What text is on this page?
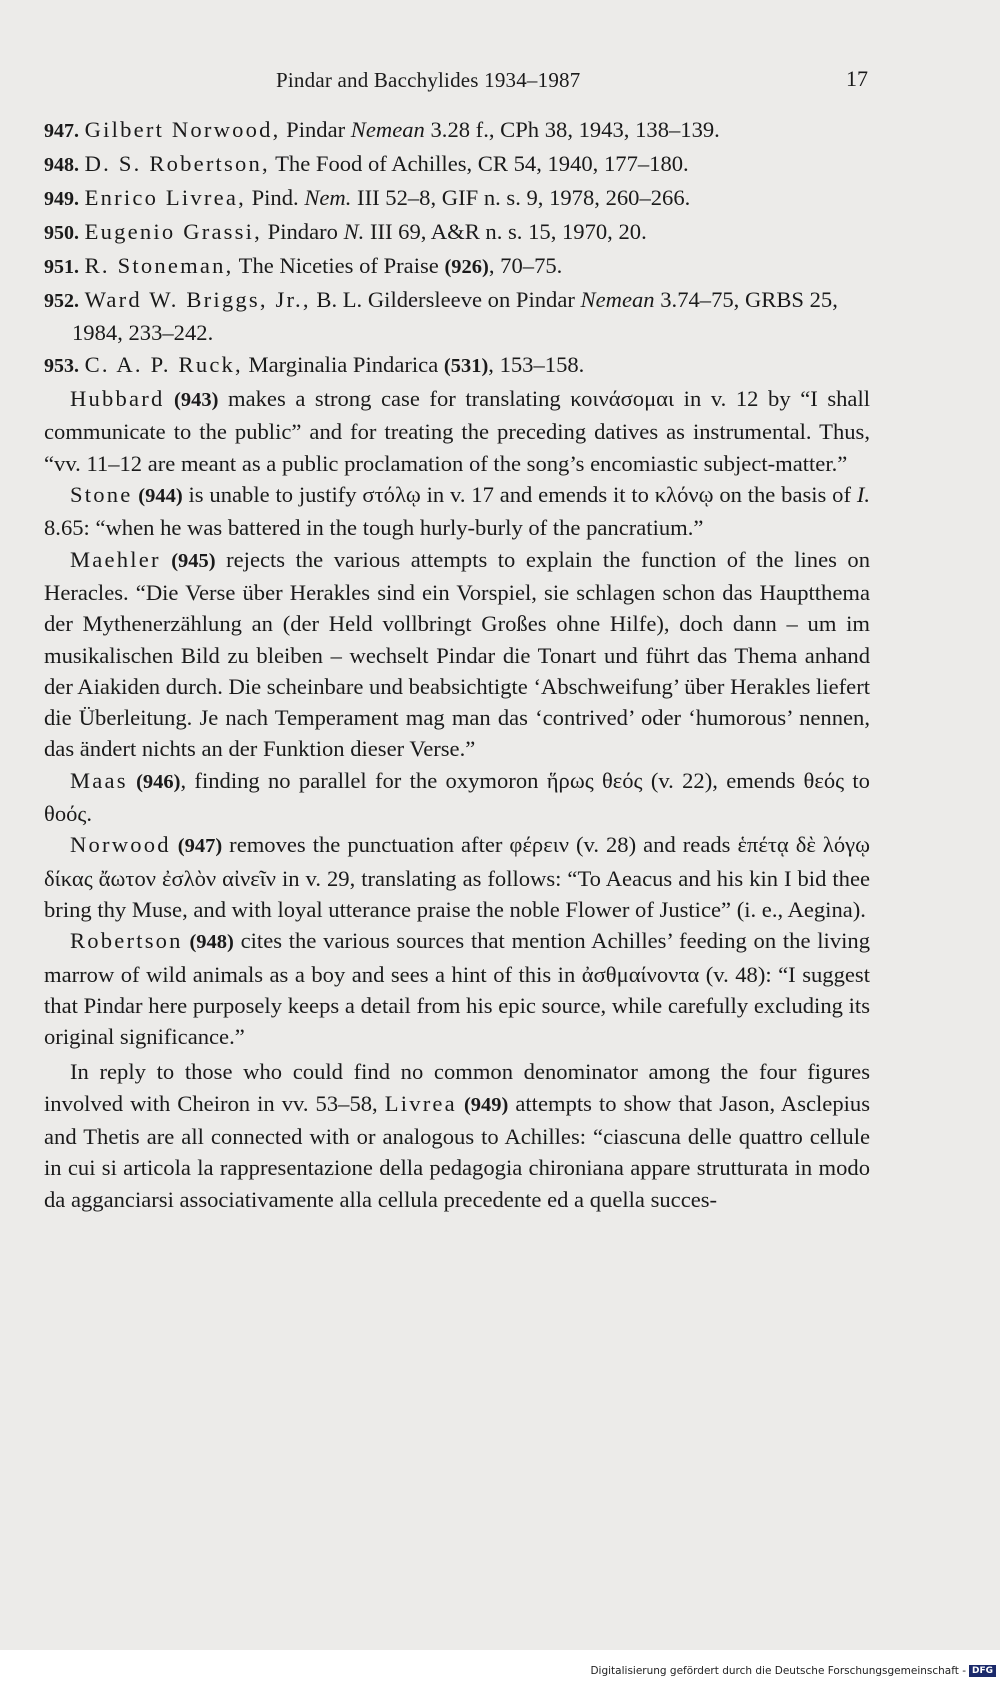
Pindar and Bacchylides 1934–1987	17
947. Gilbert Norwood, Pindar Nemean 3.28 f., CPh 38, 1943, 138–139.
948. D. S. Robertson, The Food of Achilles, CR 54, 1940, 177–180.
949. Enrico Livrea, Pind. Nem. III 52–8, GIF n. s. 9, 1978, 260–266.
950. Eugenio Grassi, Pindaro N. III 69, A&R n. s. 15, 1970, 20.
951. R. Stoneman, The Niceties of Praise (926), 70–75.
952. Ward W. Briggs, Jr., B. L. Gildersleeve on Pindar Nemean 3.74–75, GRBS 25, 1984, 233–242.
953. C. A. P. Ruck, Marginalia Pindarica (531), 153–158.

Hubbard (943) makes a strong case for translating κοινάσομαι in v. 12 by “I shall communicate to the public” and for treating the preceding datives as instrumental. Thus, “vv. 11–12 are meant as a public proclamation of the song’s encomiastic subject-matter.”

Stone (944) is unable to justify στόλῳ in v. 17 and emends it to κλόνῳ on the basis of I. 8.65: “when he was battered in the tough hurly-burly of the pancratium.”

Maehler (945) rejects the various attempts to explain the function of the lines on Heracles. “Die Verse über Herakles sind ein Vorspiel, sie schlagen schon das Hauptthema der Mythenerzählung an (der Held vollbringt Großes ohne Hilfe), doch dann – um im musikalischen Bild zu bleiben – wechselt Pindar die Tonart und führt das Thema anhand der Aiakiden durch. Die scheinbare und beabsichtigte ‘Abschweifung’ über Herakles liefert die Überleitung. Je nach Temperament mag man das ‘contrived’ oder ‘humorous’ nennen, das ändert nichts an der Funktion dieser Verse.”

Maas (946), finding no parallel for the oxymoron ἥρως θεός (v. 22), emends θεός to θοός.

Norwood (947) removes the punctuation after φέρειν (v. 28) and reads ἑπέτᾳ δὲ λόγῳ δίκας ἄωτον ἐσλὸν αἰνεῖν in v. 29, translating as follows: “To Aeacus and his kin I bid thee bring thy Muse, and with loyal utterance praise the noble Flower of Justice” (i. e., Aegina).

Robertson (948) cites the various sources that mention Achilles’ feeding on the living marrow of wild animals as a boy and sees a hint of this in ἀσθμαίνοντα (v. 48): “I suggest that Pindar here purposely keeps a detail from his epic source, while carefully excluding its original significance.”

In reply to those who could find no common denominator among the four figures involved with Cheiron in vv. 53–58, Livrea (949) attempts to show that Jason, Asclepius and Thetis are all connected with or analogous to Achilles: “ciascuna delle quattro cellule in cui si articola la rappresentazione della pedagogia chironiana appare strutturata in modo da agganciarsi associativamente alla cellula precedente ed a quella succes-

Digitalisierung gefördert durch die Deutsche Forschungsgemeinschaft - DFG
